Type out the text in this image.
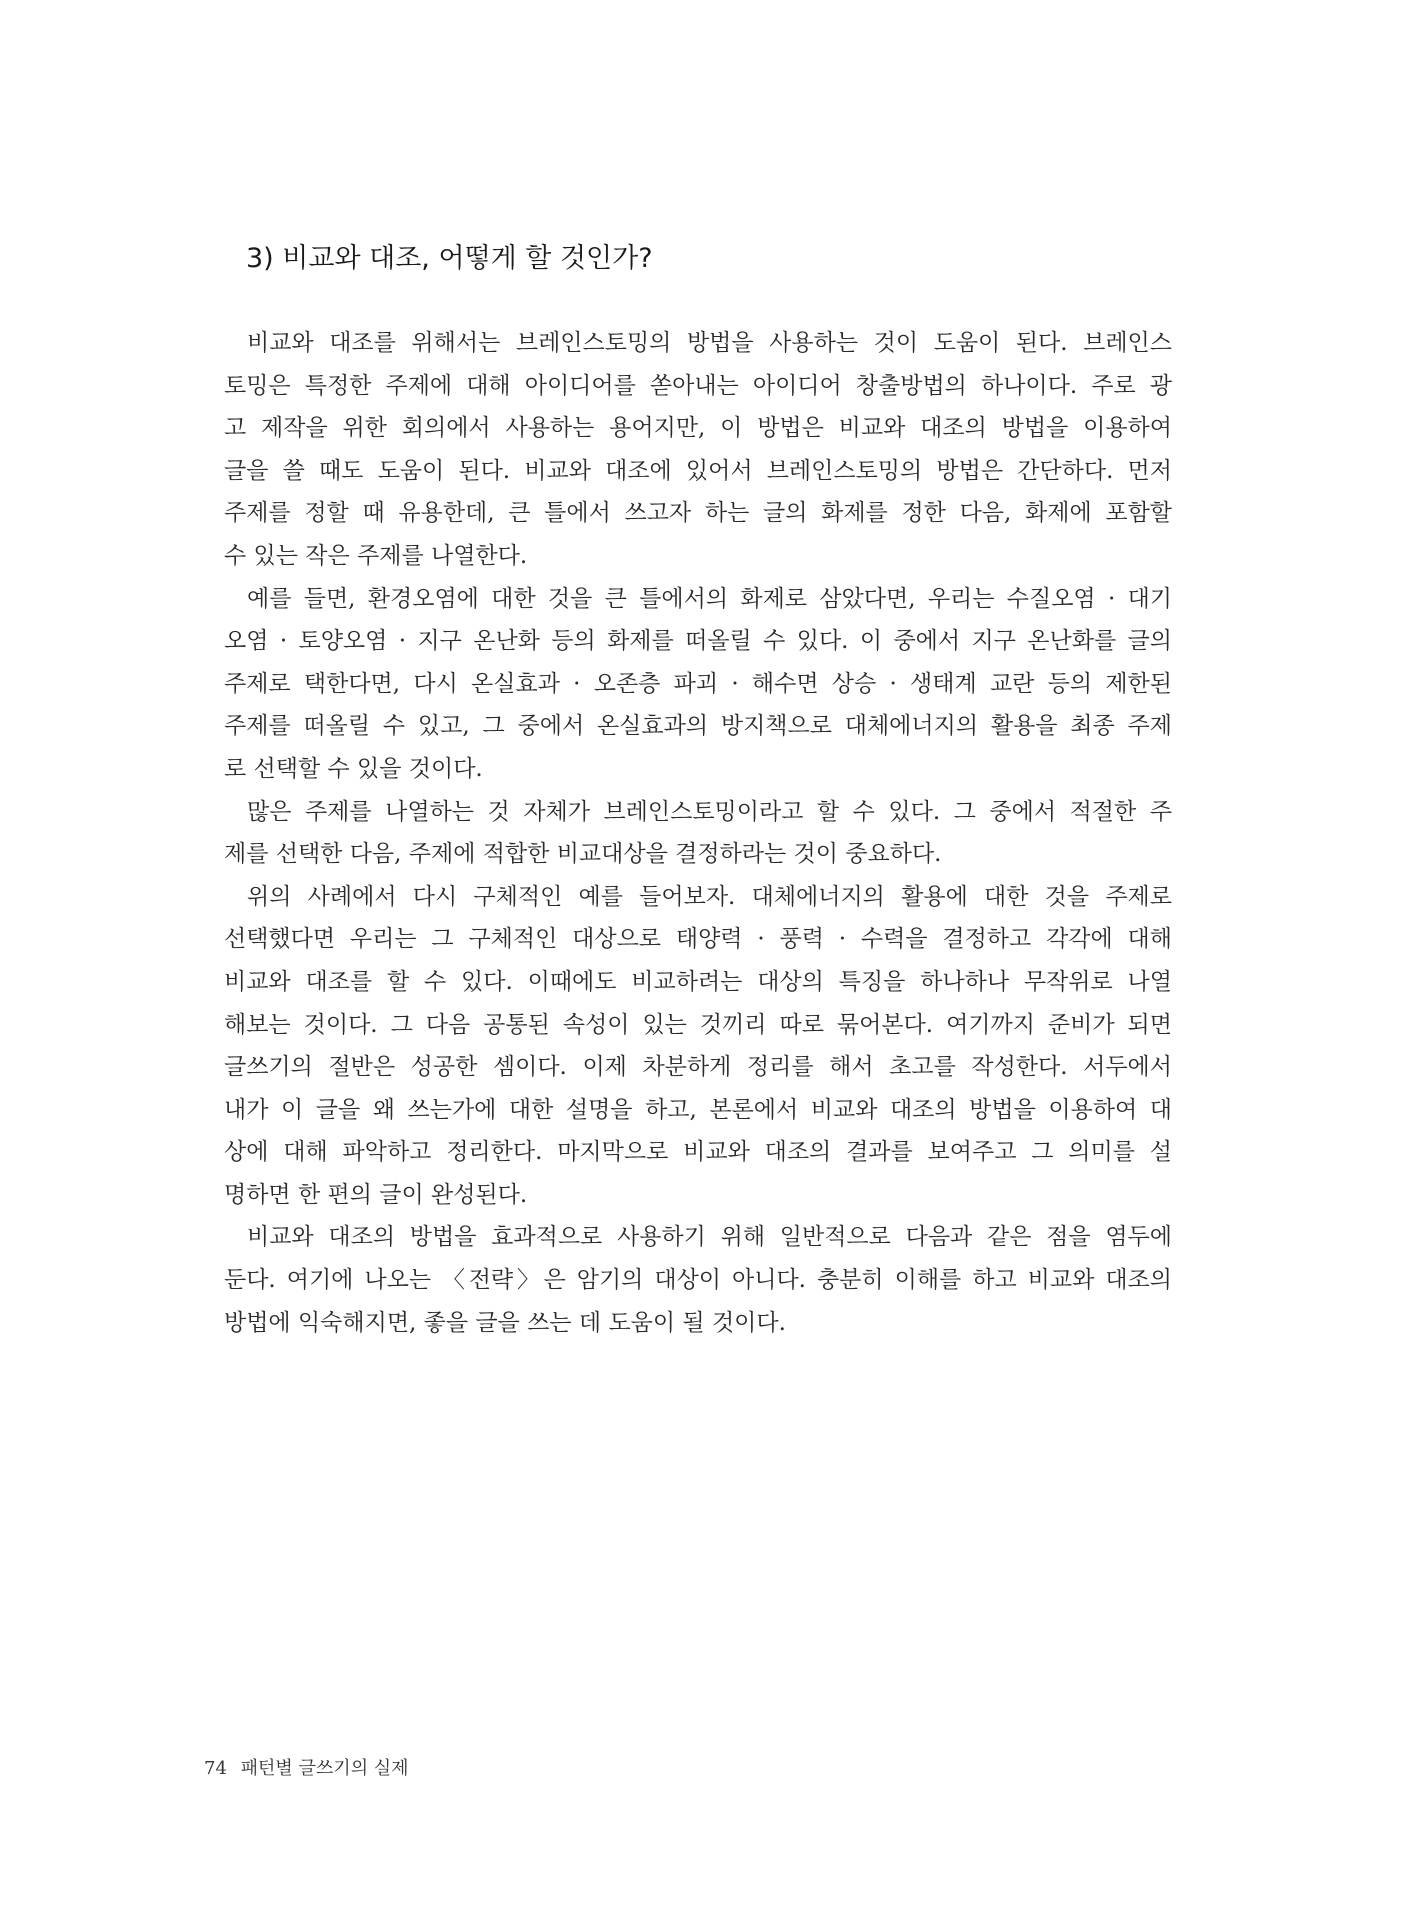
3) 비교와 대조, 어떻게 할 것인가?
비교와 대조를 위해서는 브레인스토밍의 방법을 사용하는 것이 도움이 된다. 브레인스
토밍은 특정한 주제에 대해 아이디어를 쏟아내는 아이디어 창출방법의 하나이다. 주로 광
고 제작을 위한 회의에서 사용하는 용어지만, 이 방법은 비교와 대조의 방법을 이용하여
글을 쓸 때도 도움이 된다. 비교와 대조에 있어서 브레인스토밍의 방법은 간단하다. 먼저
주제를 정할 때 유용한데, 큰 틀에서 쓰고자 하는 글의 화제를 정한 다음, 화제에 포함할
수 있는 작은 주제를 나열한다.
예를 들면, 환경오염에 대한 것을 큰 틀에서의 화제로 삼았다면, 우리는 수질오염 · 대기
오염 · 토양오염 · 지구 온난화 등의 화제를 떠올릴 수 있다. 이 중에서 지구 온난화를 글의
주제로 택한다면, 다시 온실효과 · 오존층 파괴 · 해수면 상승 · 생태계 교란 등의 제한된
주제를 떠올릴 수 있고, 그 중에서 온실효과의 방지책으로 대체에너지의 활용을 최종 주제
로 선택할 수 있을 것이다.
많은 주제를 나열하는 것 자체가 브레인스토밍이라고 할 수 있다. 그 중에서 적절한 주
제를 선택한 다음, 주제에 적합한 비교대상을 결정하라는 것이 중요하다.
위의 사례에서 다시 구체적인 예를 들어보자. 대체에너지의 활용에 대한 것을 주제로
선택했다면 우리는 그 구체적인 대상으로 태양력 · 풍력 · 수력을 결정하고 각각에 대해
비교와 대조를 할 수 있다. 이때에도 비교하려는 대상의 특징을 하나하나 무작위로 나열
해보는 것이다. 그 다음 공통된 속성이 있는 것끼리 따로 묶어본다. 여기까지 준비가 되면
글쓰기의 절반은 성공한 셈이다. 이제 차분하게 정리를 해서 초고를 작성한다. 서두에서
내가 이 글을 왜 쓰는가에 대한 설명을 하고, 본론에서 비교와 대조의 방법을 이용하여 대
상에 대해 파악하고 정리한다. 마지막으로 비교와 대조의 결과를 보여주고 그 의미를 설
명하면 한 편의 글이 완성된다.
비교와 대조의 방법을 효과적으로 사용하기 위해 일반적으로 다음과 같은 점을 염두에
둔다. 여기에 나오는 〈전략〉은 암기의 대상이 아니다. 충분히 이해를 하고 비교와 대조의
방법에 익숙해지면, 좋을 글을 쓰는 데 도움이 될 것이다.
74 패턴별 글쓰기의 실제
